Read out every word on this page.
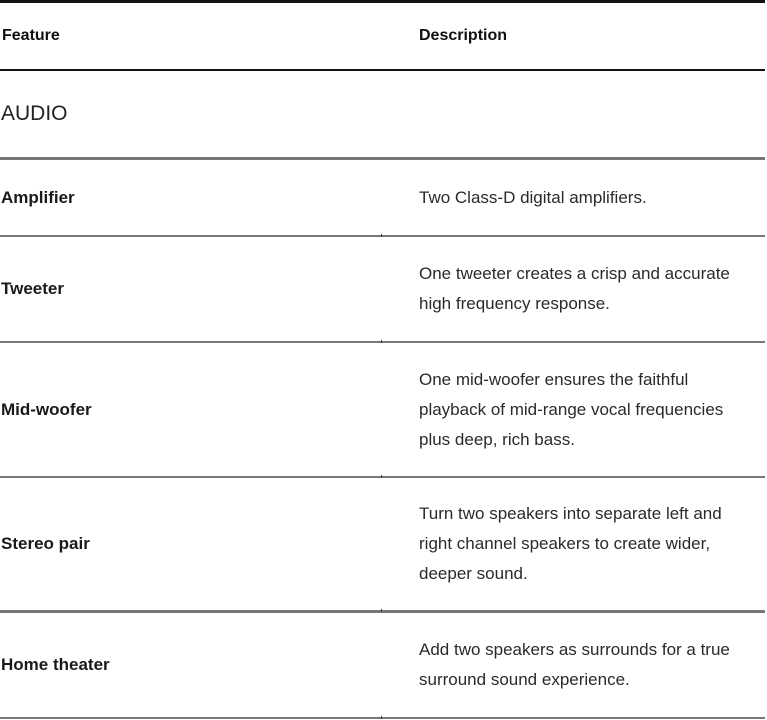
Feature	Description
AUDIO
Amplifier	Two Class-D digital amplifiers.
Tweeter
One tweeter creates a crisp and accurate high frequency response.
Mid-woofer
One mid-woofer ensures the faithful playback of mid-range vocal frequencies plus deep, rich bass.
Stereo pair
Turn two speakers into separate left and right channel speakers to create wider, deeper sound.
Home theater
Add two speakers as surrounds for a true surround sound experience.
